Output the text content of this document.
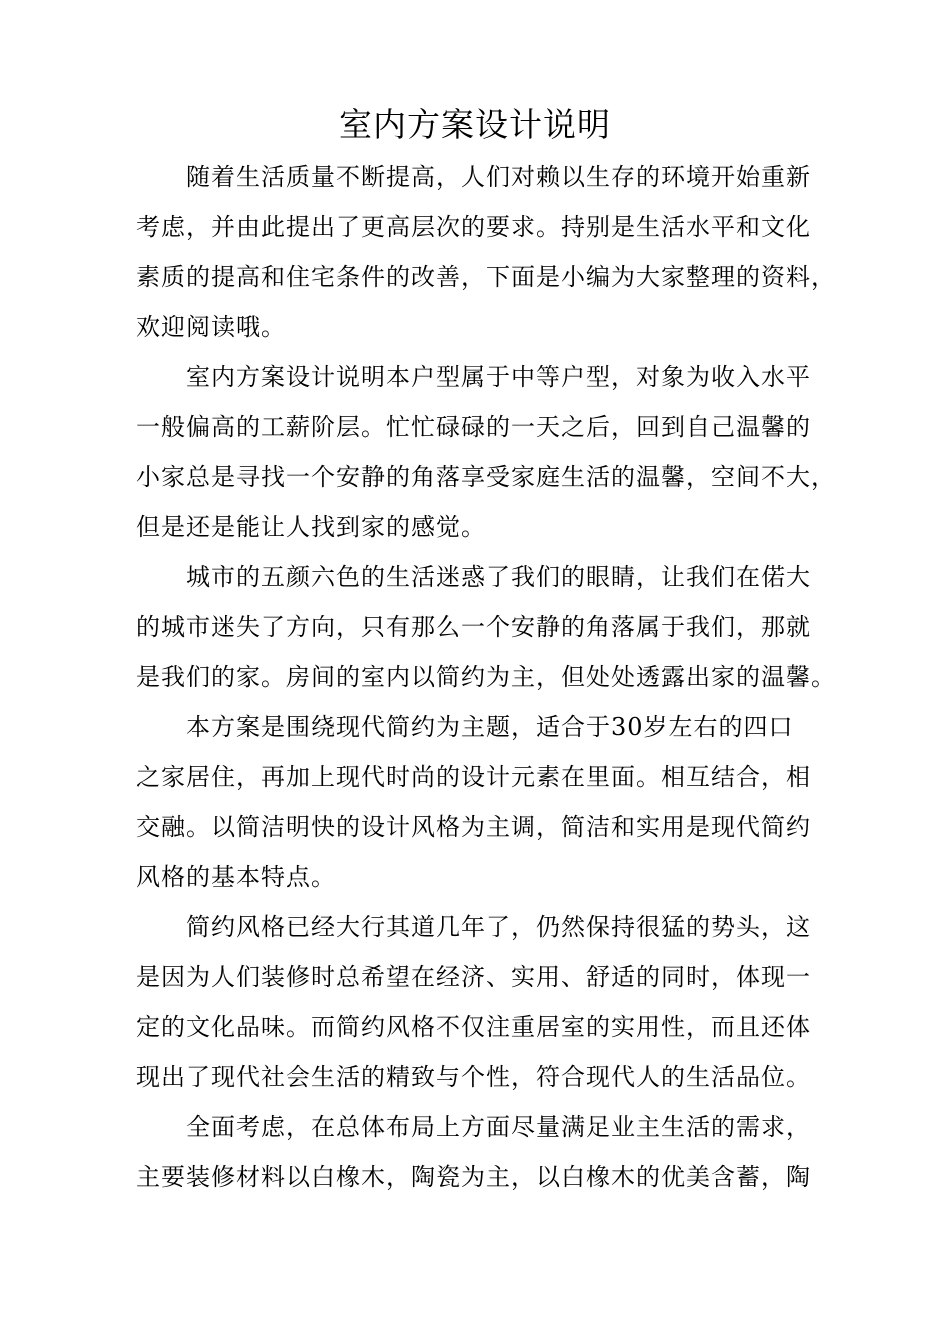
室内方案设计说明
随着生活质量不断提高，人们对赖以生存的环境开始重新
考虑，并由此提出了更高层次的要求。持别是生活水平和文化
素质的提高和住宅条件的改善，下面是小编为大家整理的资料，
欢迎阅读哦。
室内方案设计说明本户型属于中等户型，对象为收入水平
一般偏高的工薪阶层。忙忙碌碌的一天之后，回到自己温馨的
小家总是寻找一个安静的角落享受家庭生活的温馨，空间不大，
但是还是能让人找到家的感觉。
城市的五颜六色的生活迷惑了我们的眼睛，让我们在偌大
的城市迷失了方向，只有那么一个安静的角落属于我们，那就
是我们的家。房间的室内以简约为主，但处处透露出家的温馨。
本方案是围绕现代简约为主题，适合于30岁左右的四口
之家居住，再加上现代时尚的设计元素在里面。相互结合，相
交融。以简洁明快的设计风格为主调，简洁和实用是现代简约
风格的基本特点。
简约风格已经大行其道几年了，仍然保持很猛的势头，这
是因为人们装修时总希望在经济、实用、舒适的同时，体现一
定的文化品味。而简约风格不仅注重居室的实用性，而且还体
现出了现代社会生活的精致与个性，符合现代人的生活品位。
全面考虑，在总体布局上方面尽量满足业主生活的需求，
主要装修材料以白橡木，陶瓷为主，以白橡木的优美含蓄，陶
